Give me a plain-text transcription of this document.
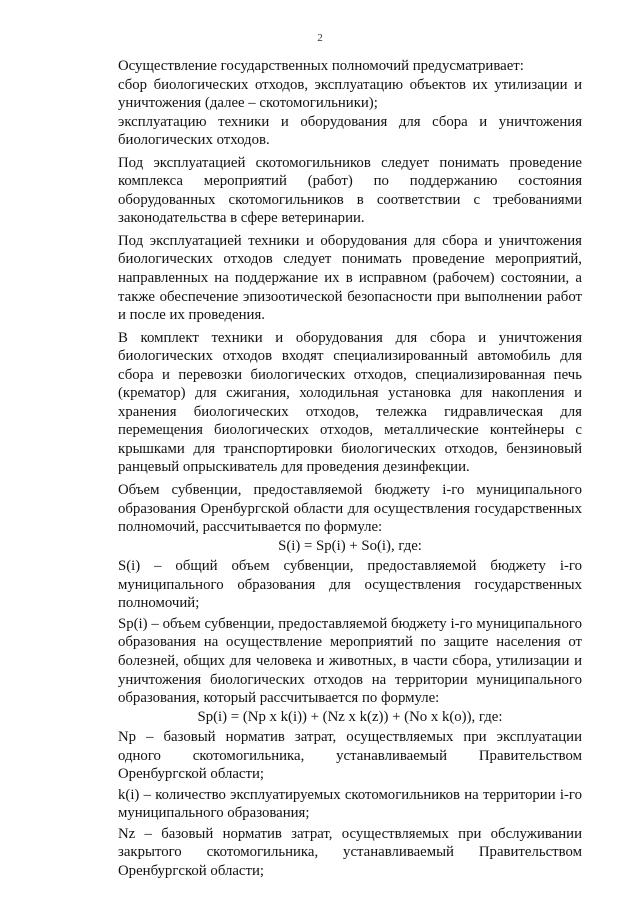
2

Осуществление государственных полномочий предусматривает:

сбор биологических отходов, эксплуатацию объектов их утилизации и уничтожения (далее – скотомогильники);

эксплуатацию техники и оборудования для сбора и уничтожения биологических отходов.

Под эксплуатацией скотомогильников следует понимать проведение комплекса мероприятий (работ) по поддержанию состояния оборудованных скотомогильников в соответствии с требованиями законодательства в сфере ветеринарии.

Под эксплуатацией техники и оборудования для сбора и уничтожения биологических отходов следует понимать проведение мероприятий, направленных на поддержание их в исправном (рабочем) состоянии, а также обеспечение эпизоотической безопасности при выполнении работ и после их проведения.

В комплект техники и оборудования для сбора и уничтожения биологических отходов входят специализированный автомобиль для сбора и перевозки биологических отходов, специализированная печь (крематор) для сжигания, холодильная установка для накопления и хранения биологических отходов, тележка гидравлическая для перемещения биологических отходов, металлические контейнеры с крышками для транспортировки биологических отходов, бензиновый ранцевый опрыскиватель для проведения дезинфекции.

Объем субвенции, предоставляемой бюджету i-го муниципального образования Оренбургской области для осуществления государственных полномочий, рассчитывается по формуле:

S(i) = Sp(i) + So(i), где:

S(i) – общий объем субвенции, предоставляемой бюджету i-го муниципального образования для осуществления государственных полномочий;

Sp(i) – объем субвенции, предоставляемой бюджету i-го муниципального образования на осуществление мероприятий по защите населения от болезней, общих для человека и животных, в части сбора, утилизации и уничтожения биологических отходов на территории муниципального образования, который рассчитывается по формуле:

Sp(i) = (Np x k(i)) + (Nz x k(z)) + (No x k(o)), где:

Np – базовый норматив затрат, осуществляемых при эксплуатации одного скотомогильника, устанавливаемый Правительством Оренбургской области;

k(i) – количество эксплуатируемых скотомогильников на территории i-го муниципального образования;

Nz – базовый норматив затрат, осуществляемых при обслуживании закрытого скотомогильника, устанавливаемый Правительством Оренбургской области;
